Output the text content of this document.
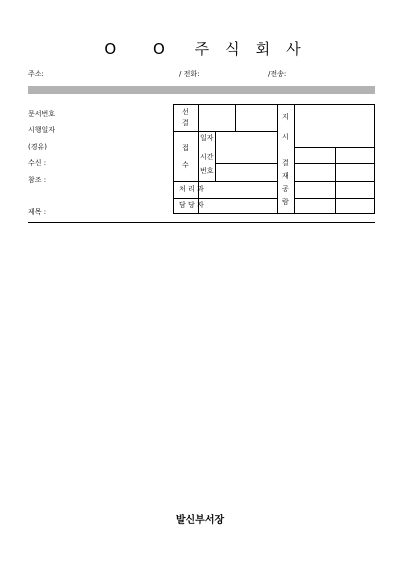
O O 주 식 회 사
주소:	/ 전화:	/전송:
문서번호
시행일자
(경유)
수신 :
참조 :
제목 :
선
결
접
수
일자
시간
번호
처 리 과
담 당 자
지
시
결
재
공
람
발신부서장
